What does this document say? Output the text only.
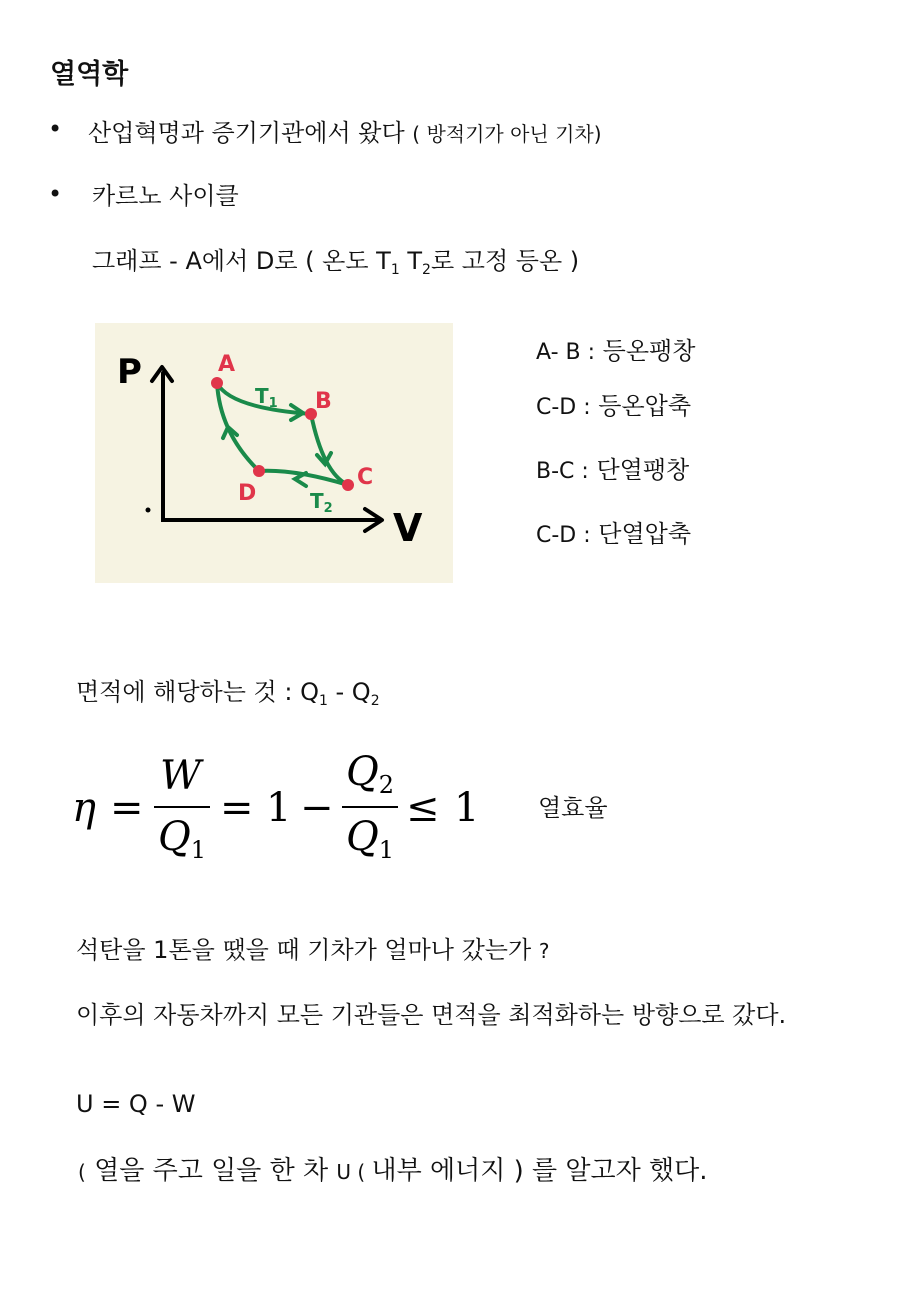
열역학
• 산업혁명과 증기기관에서 왔다 ( 방적기가 아닌 기차)
• 카르노 사이클
그래프 - A에서 D로 ( 온도 $T_1$ $T_2$로 고정 등온 )
P
V
$T_1$
$T_2$
A
B
C
D
A- B : 등온팽창
C-D : 등온압축
B-C : 단열팽창
C-D : 단열압축
면적에 해당하는 것 : $Q_1 - Q_2$
η =
W
$Q_1$
= 1 −
$Q_2$
$Q_1$
≤ 1 열효율
석탄을 1톤을 땠을 때 기차가 얼마나 갔는가 ?
이후의 자동차까지 모든 기관들은 면적을 최적화하는 방향으로 갔다.
U = Q - W
( 열을 주고 일을 한 차 U ( 내부 에너지 ) 를 알고자 했다.
